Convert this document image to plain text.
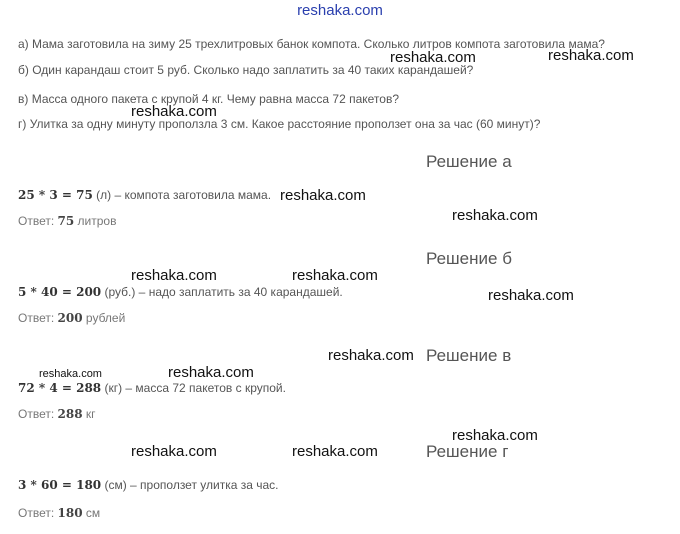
reshaka.com
а) Мама заготовила на зиму 25 трехлитровых банок компота. Сколько литров компота заготовила мама?
б) Один карандаш стоит 5 руб. Сколько надо заплатить за 40 таких карандашей?
в) Масса одного пакета с крупой 4 кг. Чему равна масса 72 пакетов?
г) Улитка за одну минуту проползла 3 см. Какое расстояние проползет она за час (60 минут)?
Решение а
25 * 3 = 75 (л) – компота заготовила мама.
Ответ: 75 литров
Решение б
5 * 40 = 200 (руб.) – надо заплатить за 40 карандашей.
Ответ: 200 рублей
Решение в
72 * 4 = 288 (кг) – масса 72 пакетов с крупой.
Ответ: 288 кг
Решение г
3 * 60 = 180 (см) – проползет улитка за час.
Ответ: 180 см
reshaka.com	reshaka.com
reshaka.com
reshaka.com
reshaka.com
reshaka.com	reshaka.com
reshaka.com
reshaka.com
reshaka.com	reshaka.com
reshaka.com
reshaka.com	reshaka.com
